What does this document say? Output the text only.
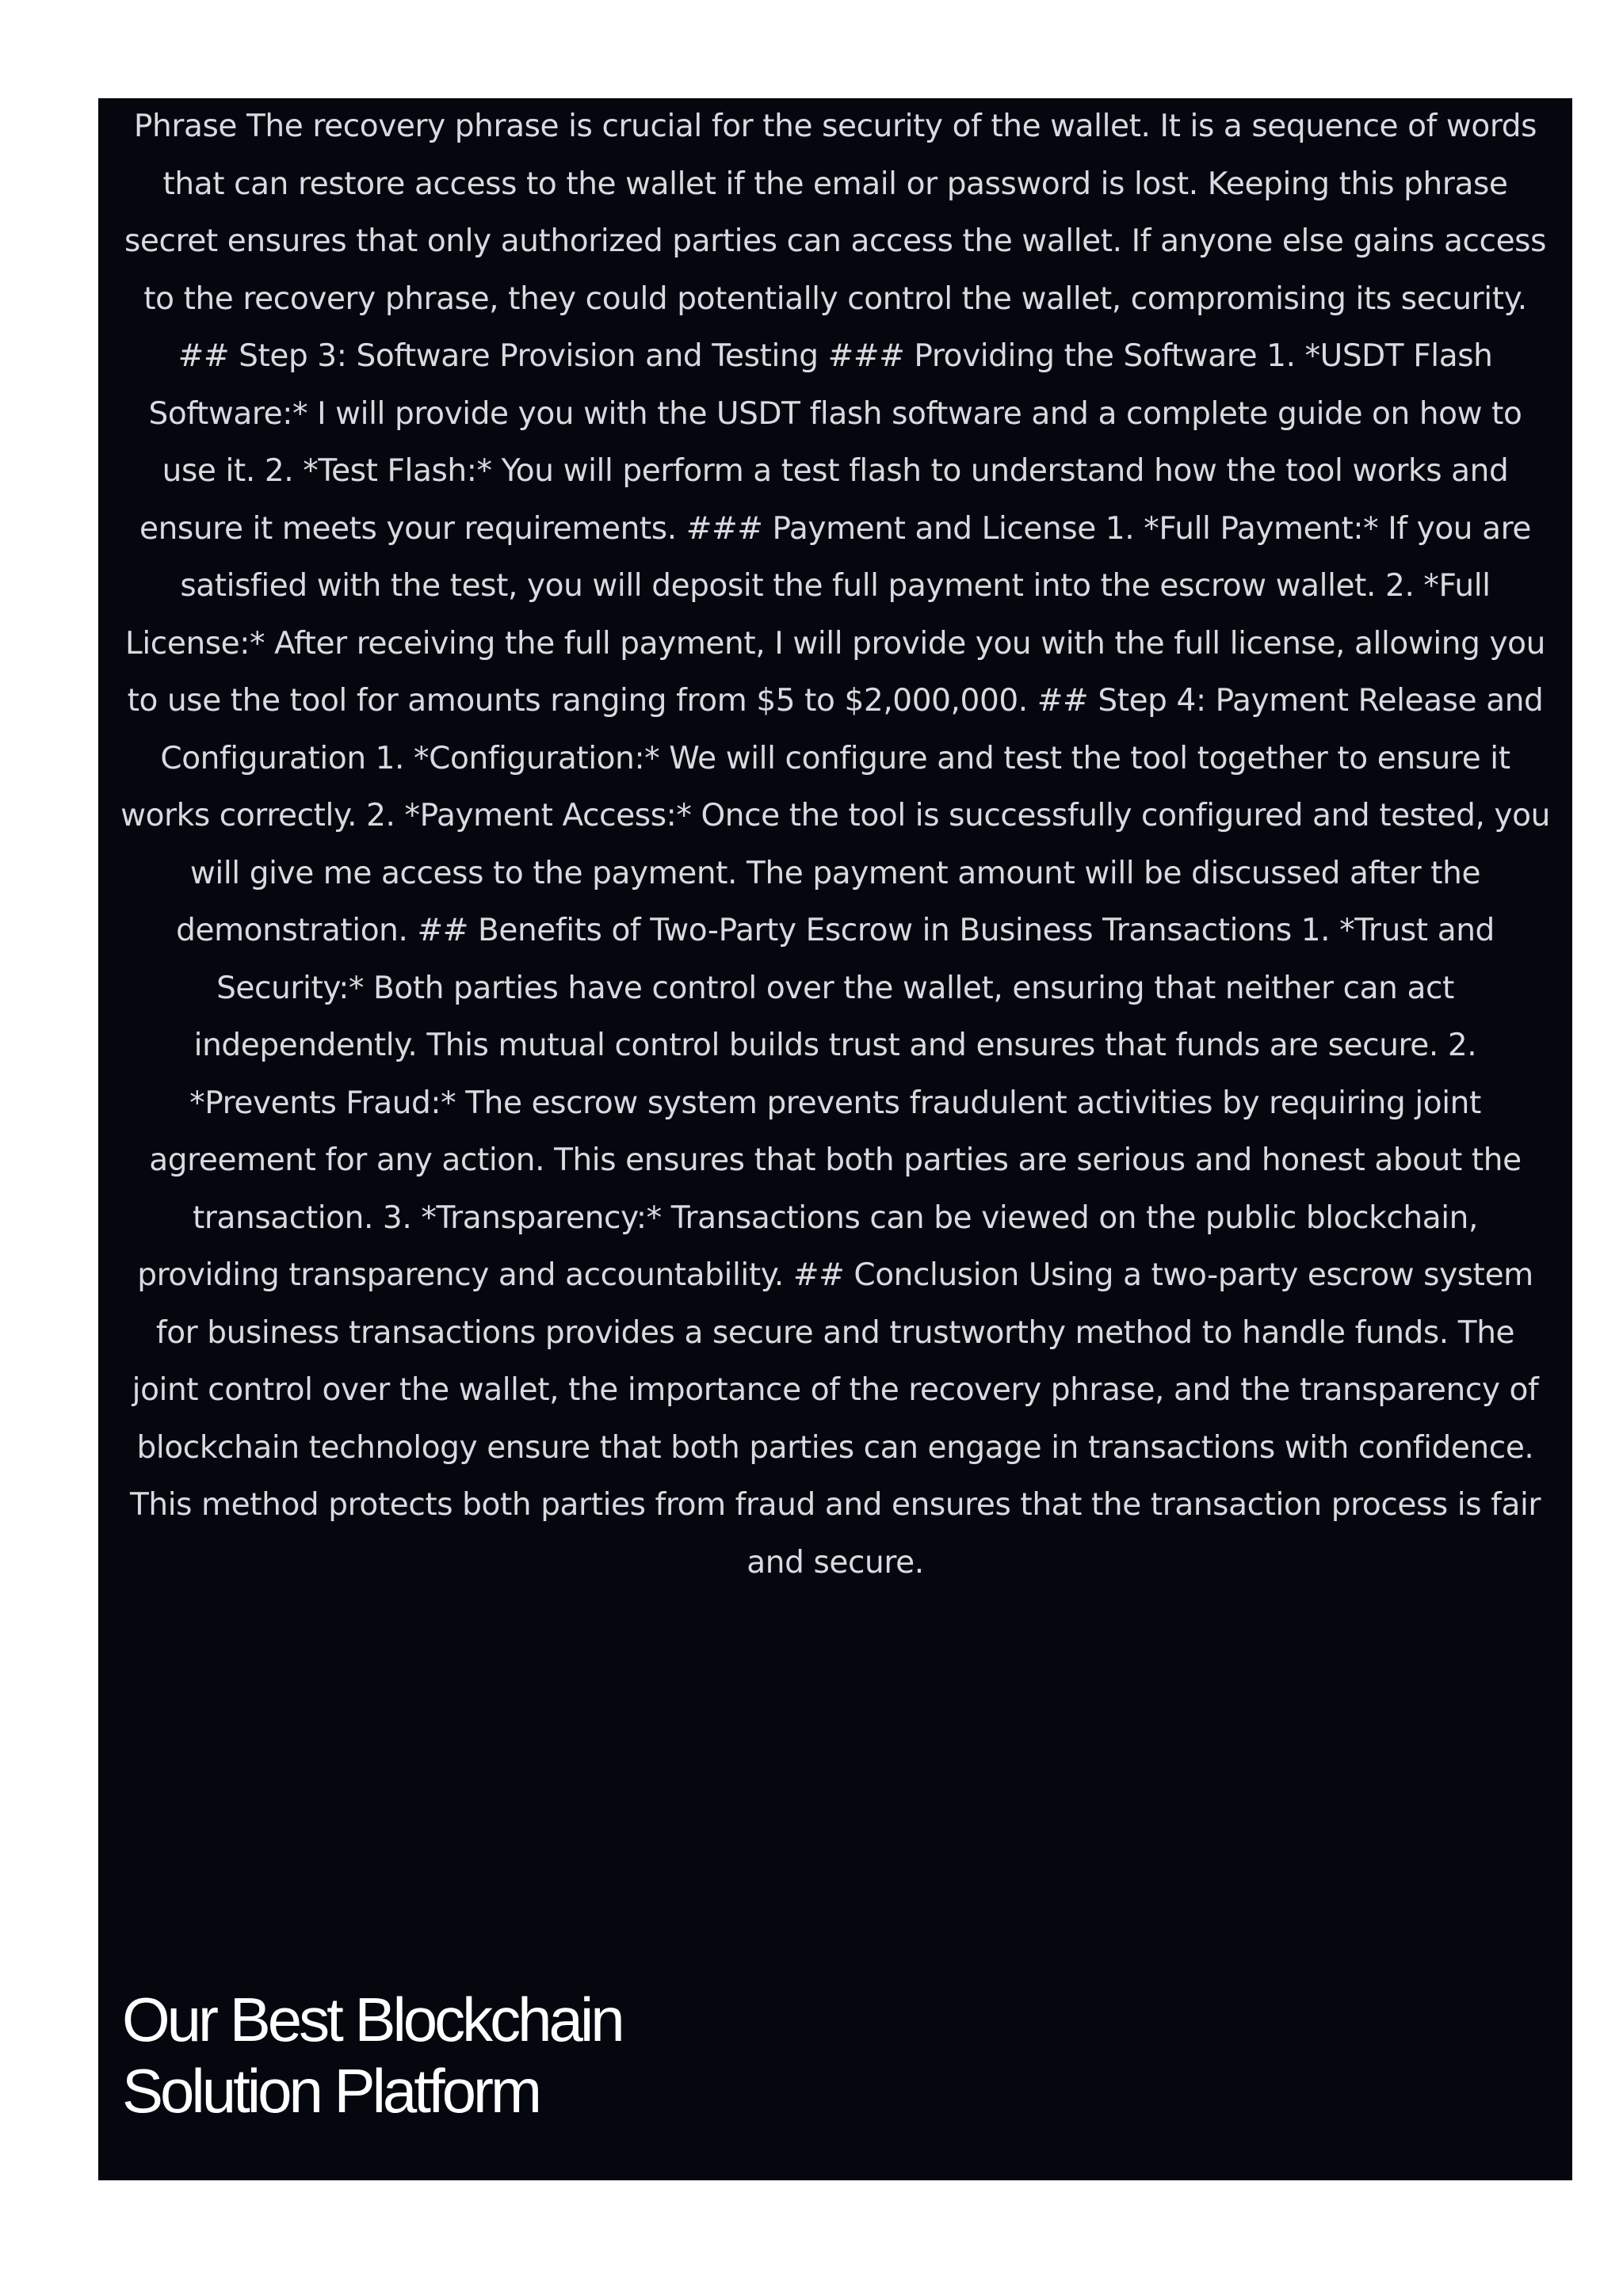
Phrase The recovery phrase is crucial for the security of the wallet. It is a sequence of words that can restore access to the wallet if the email or password is lost. Keeping this phrase secret ensures that only authorized parties can access the wallet. If anyone else gains access to the recovery phrase, they could potentially control the wallet, compromising its security. ## Step 3: Software Provision and Testing ### Providing the Software 1. *USDT Flash Software:* I will provide you with the USDT flash software and a complete guide on how to use it. 2. *Test Flash:* You will perform a test flash to understand how the tool works and ensure it meets your requirements. ### Payment and License 1. *Full Payment:* If you are satisfied with the test, you will deposit the full payment into the escrow wallet. 2. *Full License:* After receiving the full payment, I will provide you with the full license, allowing you to use the tool for amounts ranging from $5 to $2,000,000. ## Step 4: Payment Release and Configuration 1. *Configuration:* We will configure and test the tool together to ensure it works correctly. 2. *Payment Access:* Once the tool is successfully configured and tested, you will give me access to the payment. The payment amount will be discussed after the demonstration. ## Benefits of Two-Party Escrow in Business Transactions 1. *Trust and Security:* Both parties have control over the wallet, ensuring that neither can act independently. This mutual control builds trust and ensures that funds are secure. 2. *Prevents Fraud:* The escrow system prevents fraudulent activities by requiring joint agreement for any action. This ensures that both parties are serious and honest about the transaction. 3. *Transparency:* Transactions can be viewed on the public blockchain, providing transparency and accountability. ## Conclusion Using a two-party escrow system for business transactions provides a secure and trustworthy method to handle funds. The joint control over the wallet, the importance of the recovery phrase, and the transparency of blockchain technology ensure that both parties can engage in transactions with confidence. This method protects both parties from fraud and ensures that the transaction process is fair and secure.

Our Best Blockchain
Solution Platform
